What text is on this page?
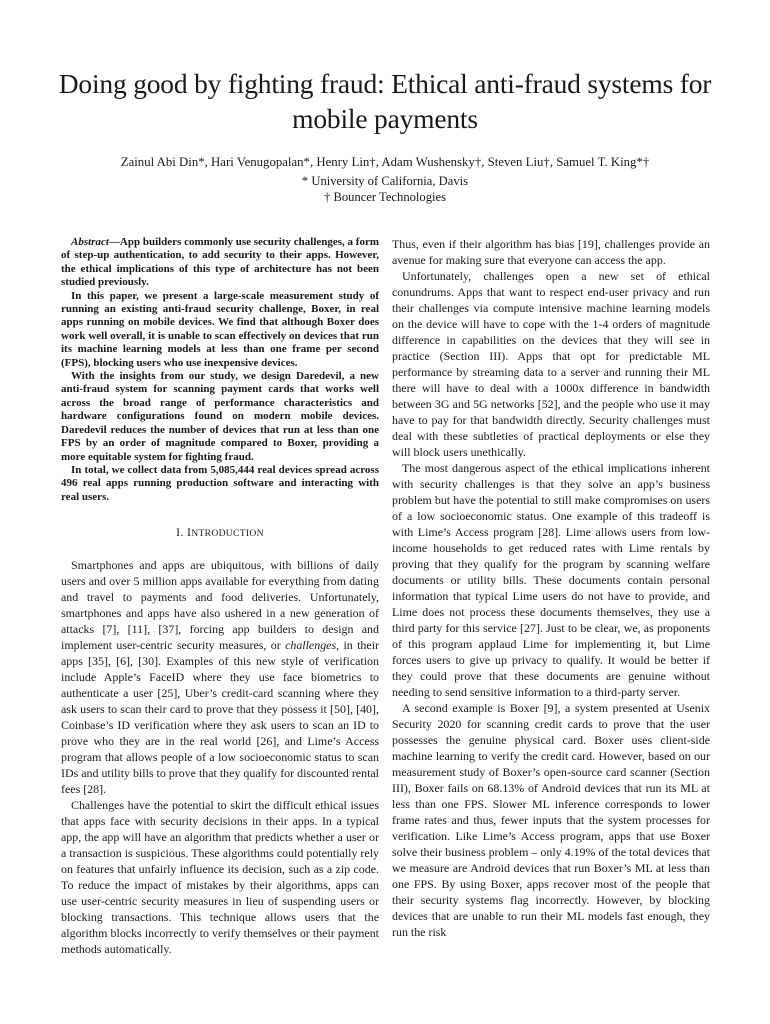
Doing good by fighting fraud: Ethical anti-fraud systems for mobile payments
Zainul Abi Din*, Hari Venugopalan*, Henry Lin†, Adam Wushensky†, Steven Liu†, Samuel T. King*†
* University of California, Davis
† Bouncer Technologies

Abstract—App builders commonly use security challenges, a form of step-up authentication, to add security to their apps. However, the ethical implications of this type of architecture has not been studied previously.

In this paper, we present a large-scale measurement study of running an existing anti-fraud security challenge, Boxer, in real apps running on mobile devices. We find that although Boxer does work well overall, it is unable to scan effectively on devices that run its machine learning models at less than one frame per second (FPS), blocking users who use inexpensive devices.

With the insights from our study, we design Daredevil, a new anti-fraud system for scanning payment cards that works well across the broad range of performance characteristics and hardware configurations found on modern mobile devices. Daredevil reduces the number of devices that run at less than one FPS by an order of magnitude compared to Boxer, providing a more equitable system for fighting fraud.

In total, we collect data from 5,085,444 real devices spread across 496 real apps running production software and interacting with real users.

I. INTRODUCTION

Smartphones and apps are ubiquitous, with billions of daily users and over 5 million apps available for everything from dating and travel to payments and food deliveries. Unfortunately, smartphones and apps have also ushered in a new generation of attacks [7], [11], [37], forcing app builders to design and implement user-centric security measures, or challenges, in their apps [35], [6], [30]. Examples of this new style of verification include Apple’s FaceID where they use face biometrics to authenticate a user [25], Uber’s credit-card scanning where they ask users to scan their card to prove that they possess it [50], [40], Coinbase’s ID verification where they ask users to scan an ID to prove who they are in the real world [26], and Lime’s Access program that allows people of a low socioeconomic status to scan IDs and utility bills to prove that they qualify for discounted rental fees [28].

Challenges have the potential to skirt the difficult ethical issues that apps face with security decisions in their apps. In a typical app, the app will have an algorithm that predicts whether a user or a transaction is suspicious. These algorithms could potentially rely on features that unfairly influence its decision, such as a zip code. To reduce the impact of mistakes by their algorithms, apps can use user-centric security measures in lieu of suspending users or blocking transactions. This technique allows users that the algorithm blocks incorrectly to verify themselves or their payment methods automatically.

Thus, even if their algorithm has bias [19], challenges provide an avenue for making sure that everyone can access the app.

Unfortunately, challenges open a new set of ethical conundrums. Apps that want to respect end-user privacy and run their challenges via compute intensive machine learning models on the device will have to cope with the 1-4 orders of magnitude difference in capabilities on the devices that they will see in practice (Section III). Apps that opt for predictable ML performance by streaming data to a server and running their ML there will have to deal with a 1000x difference in bandwidth between 3G and 5G networks [52], and the people who use it may have to pay for that bandwidth directly. Security challenges must deal with these subtleties of practical deployments or else they will block users unethically.

The most dangerous aspect of the ethical implications inherent with security challenges is that they solve an app’s business problem but have the potential to still make compromises on users of a low socioeconomic status. One example of this tradeoff is with Lime’s Access program [28]. Lime allows users from low-income households to get reduced rates with Lime rentals by proving that they qualify for the program by scanning welfare documents or utility bills. These documents contain personal information that typical Lime users do not have to provide, and Lime does not process these documents themselves, they use a third party for this service [27]. Just to be clear, we, as proponents of this program applaud Lime for implementing it, but Lime forces users to give up privacy to qualify. It would be better if they could prove that these documents are genuine without needing to send sensitive information to a third-party server.

A second example is Boxer [9], a system presented at Usenix Security 2020 for scanning credit cards to prove that the user possesses the genuine physical card. Boxer uses client-side machine learning to verify the credit card. However, based on our measurement study of Boxer’s open-source card scanner (Section III), Boxer fails on 68.13% of Android devices that run its ML at less than one FPS. Slower ML inference corresponds to lower frame rates and thus, fewer inputs that the system processes for verification. Like Lime’s Access program, apps that use Boxer solve their business problem – only 4.19% of the total devices that we measure are Android devices that run Boxer’s ML at less than one FPS. By using Boxer, apps recover most of the people that their security systems flag incorrectly. However, by blocking devices that are unable to run their ML models fast enough, they run the risk
